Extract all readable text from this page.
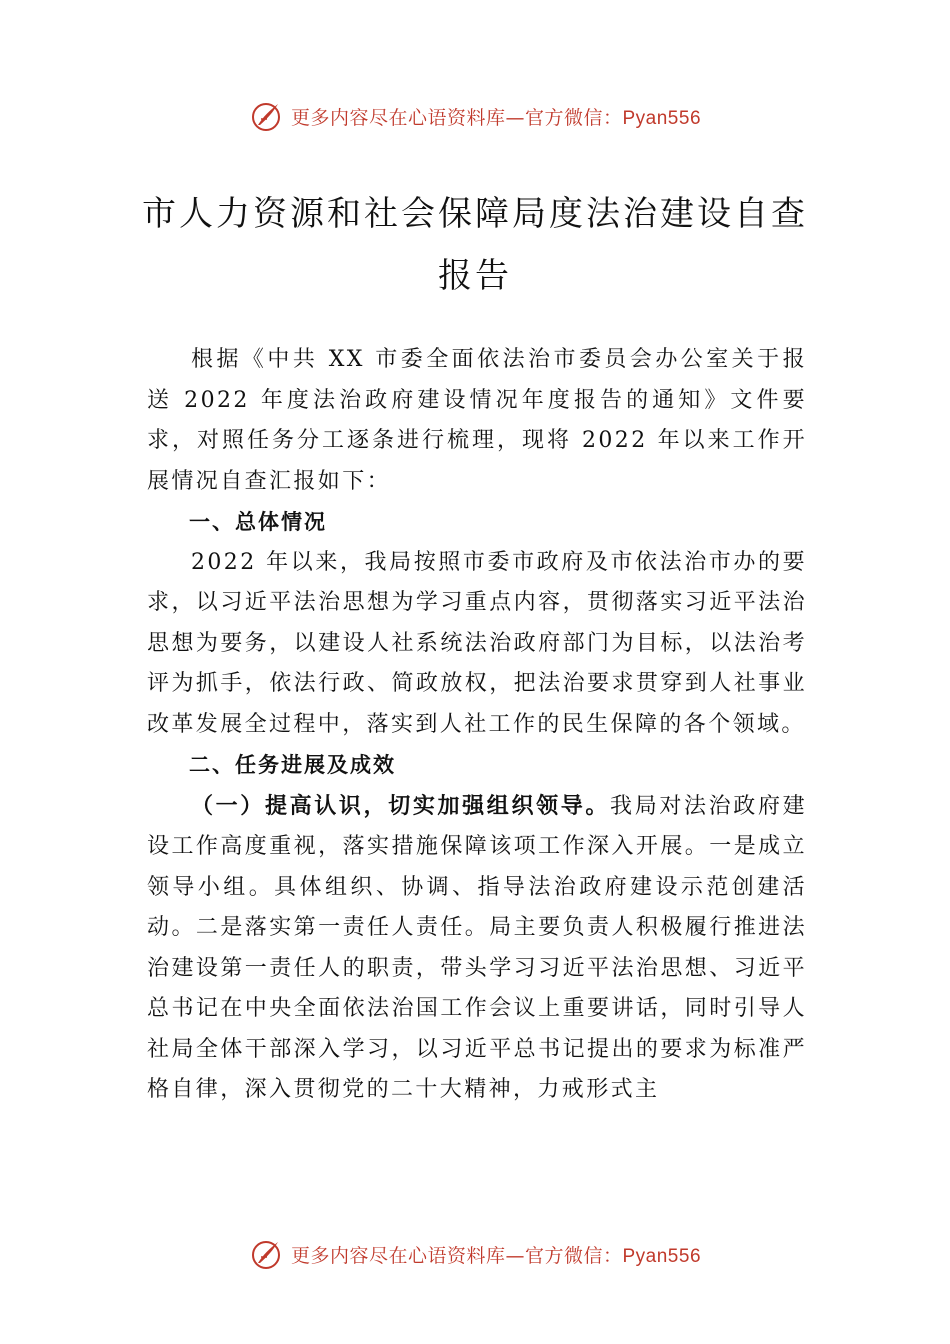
更多内容尽在心语资料库—官方微信：Pyan556
市人力资源和社会保障局度法治建设自查
报告

根据《中共 XX 市委全面依法治市委员会办公室关于报送 2022 年度法治政府建设情况年度报告的通知》文件要求，对照任务分工逐条进行梳理，现将 2022 年以来工作开展情况自查汇报如下：

一、总体情况

2022 年以来，我局按照市委市政府及市依法治市办的要求，以习近平法治思想为学习重点内容，贯彻落实习近平法治思想为要务，以建设人社系统法治政府部门为目标，以法治考评为抓手，依法行政、简政放权，把法治要求贯穿到人社事业改革发展全过程中，落实到人社工作的民生保障的各个领域。

二、任务进展及成效

（一）提高认识，切实加强组织领导。我局对法治政府建设工作高度重视，落实措施保障该项工作深入开展。一是成立领导小组。具体组织、协调、指导法治政府建设示范创建活动。二是落实第一责任人责任。局主要负责人积极履行推进法治建设第一责任人的职责，带头学习习近平法治思想、习近平总书记在中央全面依法治国工作会议上重要讲话，同时引导人社局全体干部深入学习，以习近平总书记提出的要求为标准严格自律，深入贯彻党的二十大精神，力戒形式主

更多内容尽在心语资料库—官方微信：Pyan556
